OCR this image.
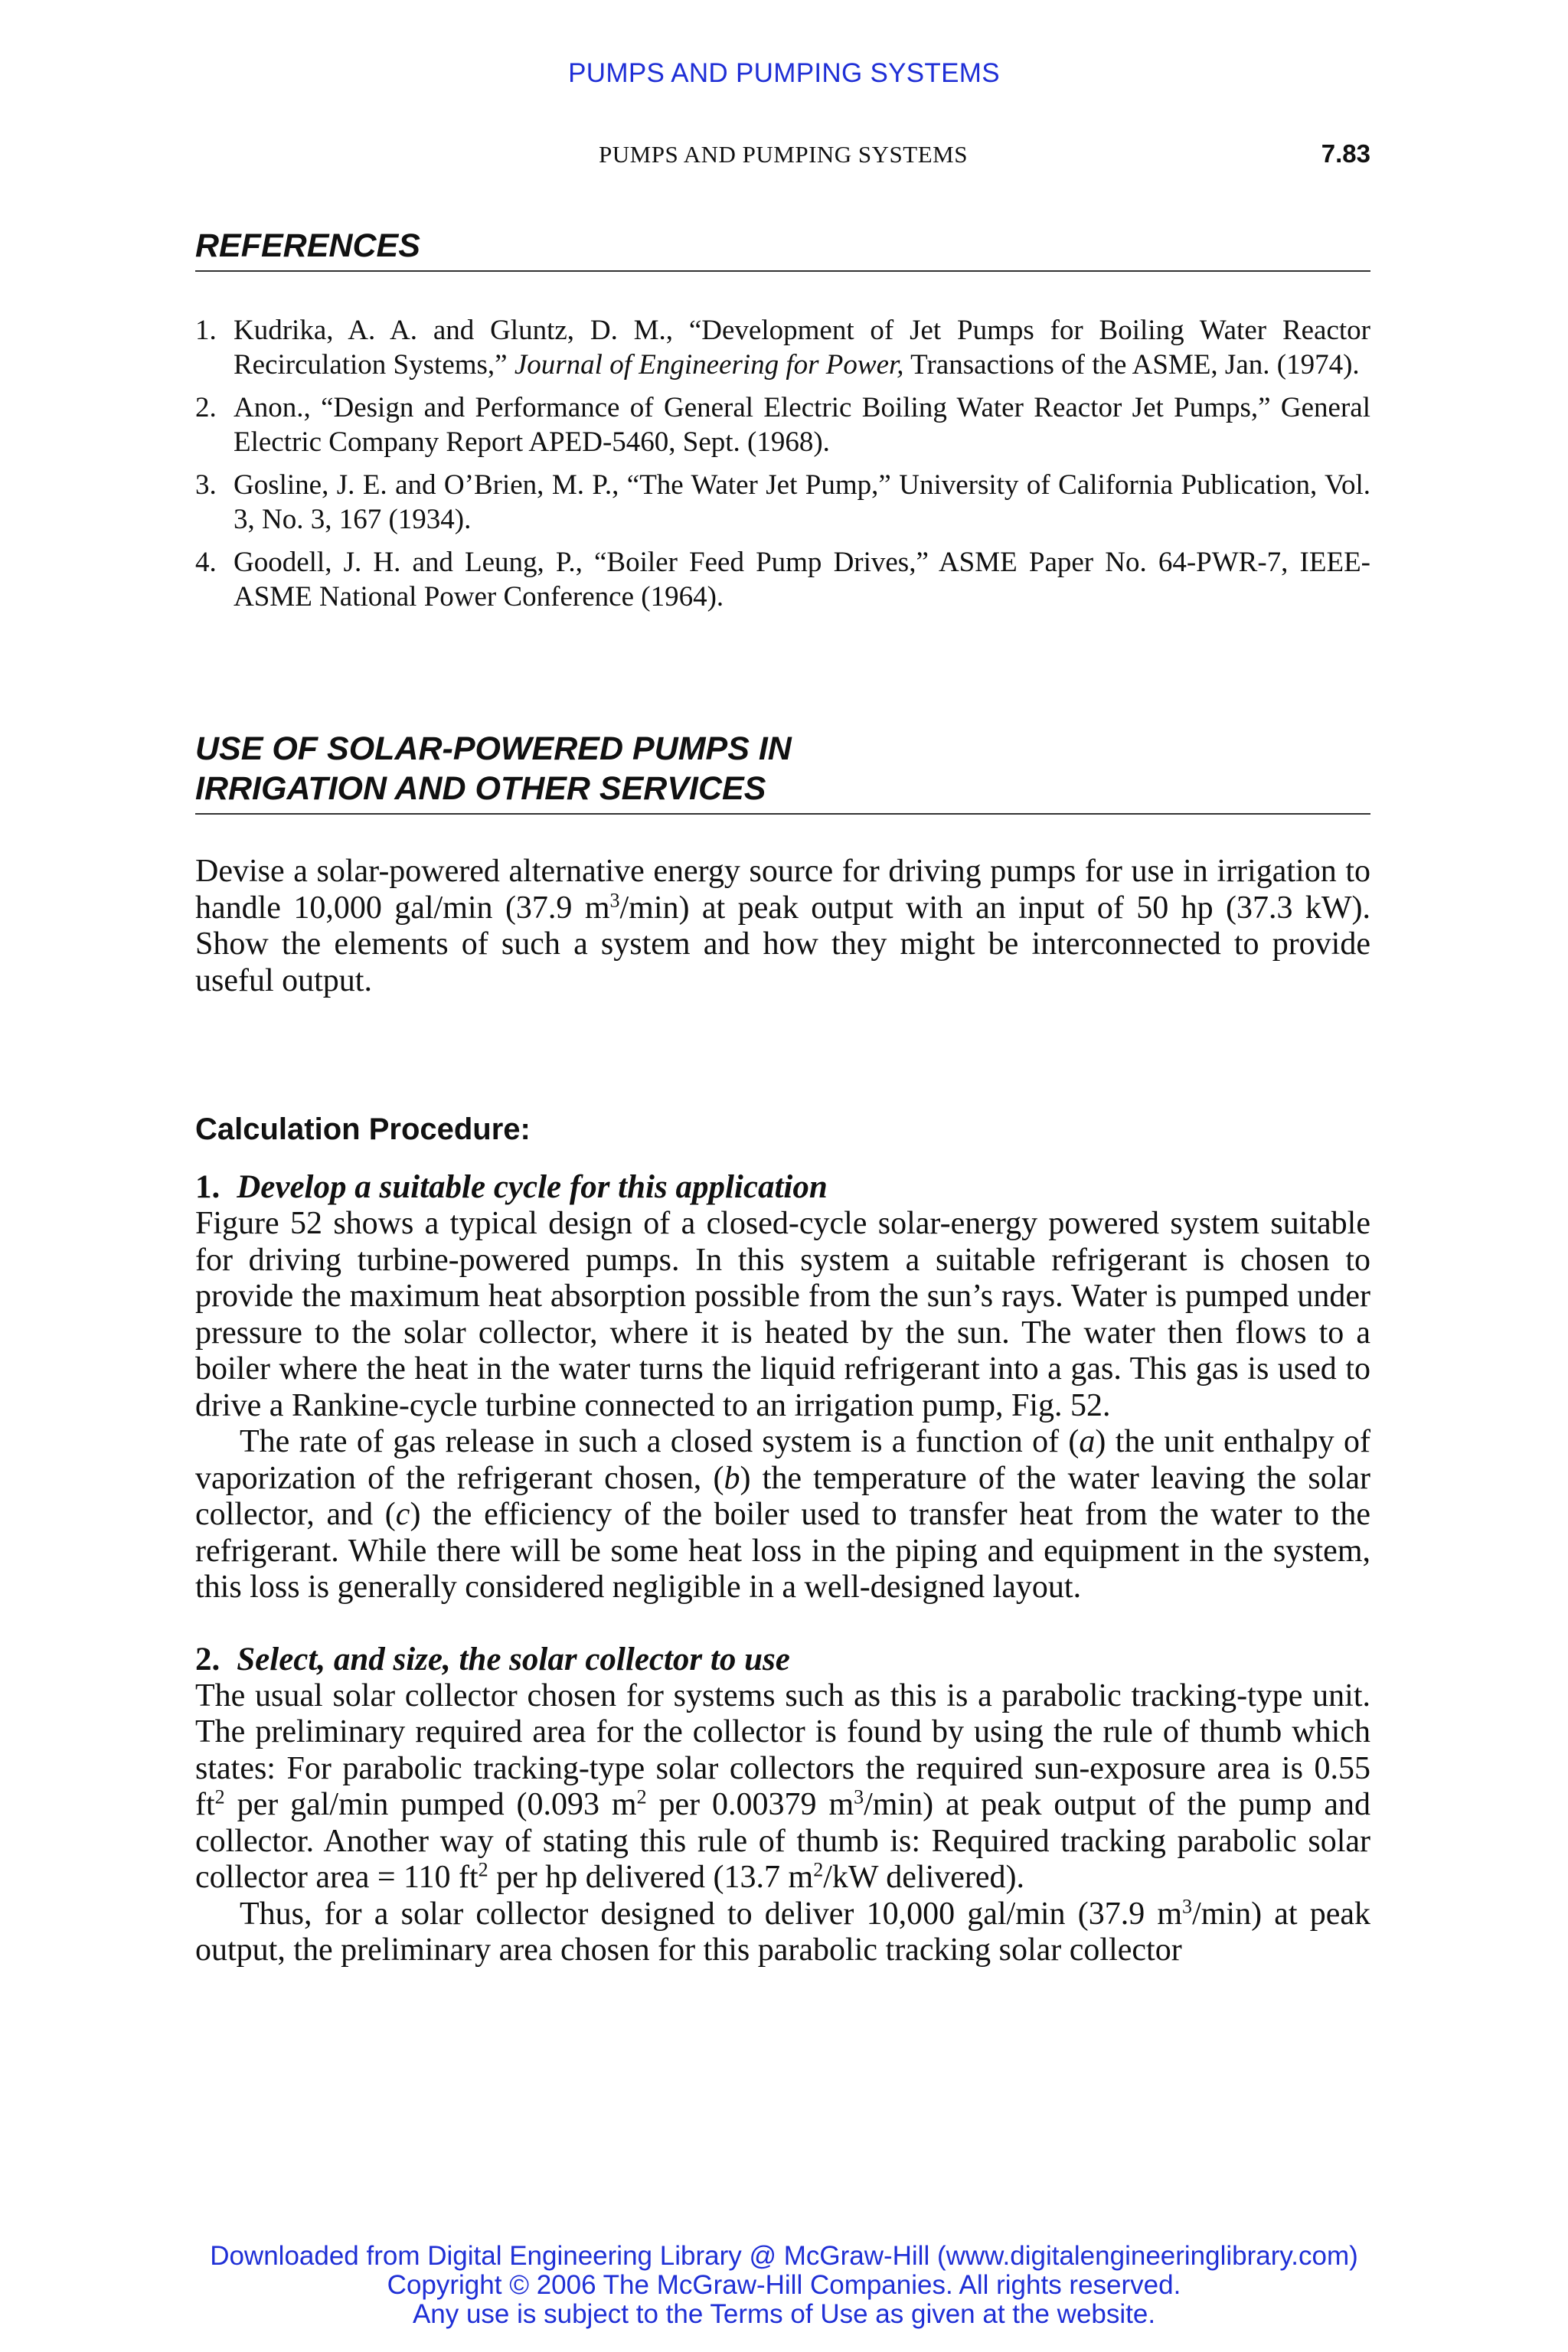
PUMPS AND PUMPING SYSTEMS
PUMPS AND PUMPING SYSTEMS	7.83
REFERENCES
1. Kudrika, A. A. and Gluntz, D. M., “Development of Jet Pumps for Boiling Water Reactor Recirculation Systems,” Journal of Engineering for Power, Transactions of the ASME, Jan. (1974).
2. Anon., “Design and Performance of General Electric Boiling Water Reactor Jet Pumps,” General Electric Company Report APED-5460, Sept. (1968).
3. Gosline, J. E. and O’Brien, M. P., “The Water Jet Pump,” University of California Publication, Vol. 3, No. 3, 167 (1934).
4. Goodell, J. H. and Leung, P., “Boiler Feed Pump Drives,” ASME Paper No. 64-PWR-7, IEEE-ASME National Power Conference (1964).
USE OF SOLAR-POWERED PUMPS IN
IRRIGATION AND OTHER SERVICES

Devise a solar-powered alternative energy source for driving pumps for use in irrigation to handle 10,000 gal/min (37.9 $m^3/\min$) at peak output with an input of 50 hp (37.3 kW). Show the elements of such a system and how they might be interconnected to provide useful output.

Calculation Procedure:
1. Develop a suitable cycle for this application

Figure 52 shows a typical design of a closed-cycle solar-energy powered system suitable for driving turbine-powered pumps. In this system a suitable refrigerant is chosen to provide the maximum heat absorption possible from the sun’s rays. Water is pumped under pressure to the solar collector, where it is heated by the sun. The water then flows to a boiler where the heat in the water turns the liquid refrigerant into a gas. This gas is used to drive a Rankine-cycle turbine connected to an irrigation pump, Fig. 52.

The rate of gas release in such a closed system is a function of (a) the unit enthalpy of vaporization of the refrigerant chosen, (b) the temperature of the water leaving the solar collector, and (c) the efficiency of the boiler used to transfer heat from the water to the refrigerant. While there will be some heat loss in the piping and equipment in the system, this loss is generally considered negligible in a well-designed layout.

2. Select, and size, the solar collector to use

The usual solar collector chosen for systems such as this is a parabolic tracking-type unit. The preliminary required area for the collector is found by using the rule of thumb which states: For parabolic tracking-type solar collectors the required sun-exposure area is 0.55 $ft^2$ per gal/min pumped (0.093 $m^2$ per 0.00379 $m^3/\min$) at peak output of the pump and collector. Another way of stating this rule of thumb is: Required tracking parabolic solar collector area = 110 $ft^2$ per hp delivered (13.7 $m^2/kW$ delivered).

Thus, for a solar collector designed to deliver 10,000 gal/min (37.9 $m^3/\min$) at peak output, the preliminary area chosen for this parabolic tracking solar collector

Downloaded from Digital Engineering Library @ McGraw-Hill (www.digitalengineeringlibrary.com)
Copyright © 2006 The McGraw-Hill Companies. All rights reserved.
Any use is subject to the Terms of Use as given at the website.
